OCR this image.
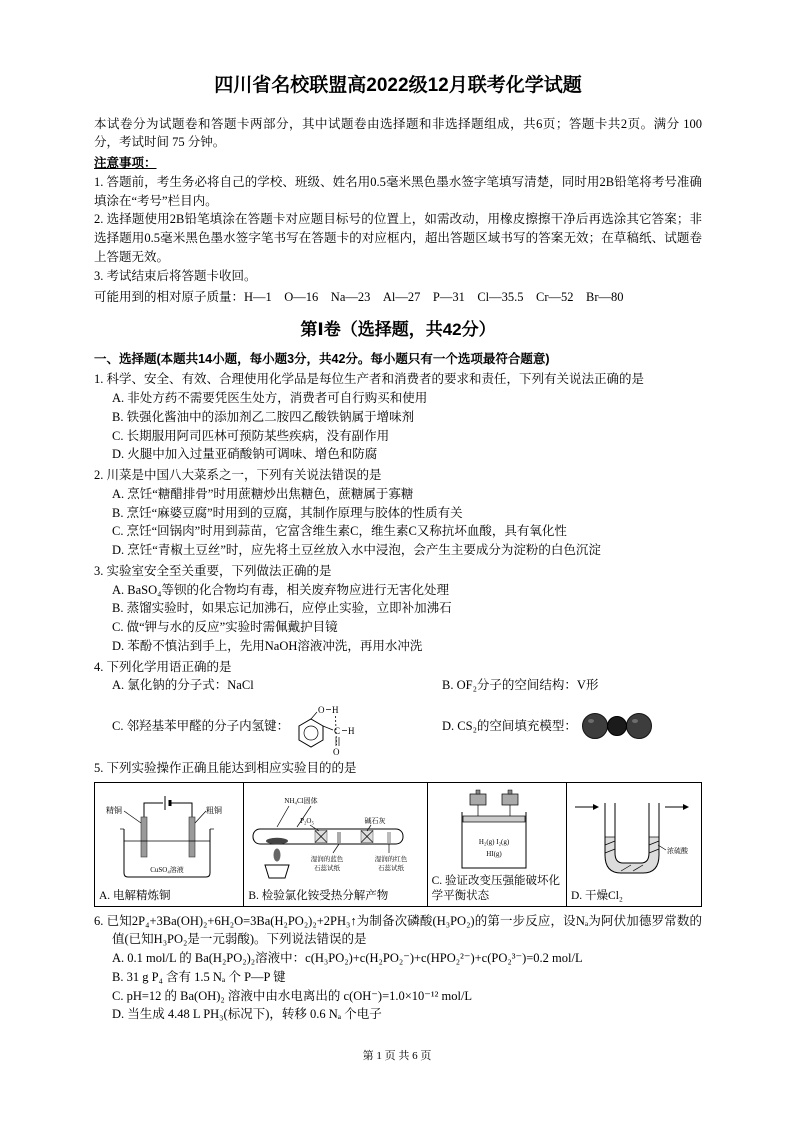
四川省名校联盟高2022级12月联考化学试题

本试卷分为试题卷和答题卡两部分，其中试题卷由选择题和非选择题组成，共6页；答题卡共2页。满分 100 分，考试时间 75 分钟。

注意事项：

1. 答题前，考生务必将自己的学校、班级、姓名用0.5毫米黑色墨水签字笔填写清楚，同时用2B铅笔将考号准确填涂在“考号”栏目内。

2. 选择题使用2B铅笔填涂在答题卡对应题目标号的位置上，如需改动，用橡皮擦擦干净后再选涂其它答案；非选择题用0.5毫米黑色墨水签字笔书写在答题卡的对应框内，超出答题区域书写的答案无效；在草稿纸、试题卷上答题无效。

3. 考试结束后将答题卡收回。

可能用到的相对原子质量：H—1　O—16　Na—23　Al—27　P—31　Cl—35.5　Cr—52　Br—80

第Ⅰ卷（选择题，共42分）

一、选择题(本题共14小题，每小题3分，共42分。每小题只有一个选项最符合题意)

1. 科学、安全、有效、合理使用化学品是每位生产者和消费者的要求和责任，下列有关说法正确的是

A. 非处方药不需要凭医生处方，消费者可自行购买和使用

B. 铁强化酱油中的添加剂乙二胺四乙酸铁钠属于增味剂

C. 长期服用阿司匹林可预防某些疾病，没有副作用

D. 火腿中加入过量亚硝酸钠可调味、增色和防腐

2. 川菜是中国八大菜系之一，下列有关说法错误的是

A. 烹饪“糖醋排骨”时用蔗糖炒出焦糖色，蔗糖属于寡糖

B. 烹饪“麻婆豆腐”时用到的豆腐，其制作原理与胶体的性质有关

C. 烹饪“回锅肉”时用到蒜苗，它富含维生素C，维生素C又称抗坏血酸，具有氧化性

D. 烹饪“青椒土豆丝”时，应先将土豆丝放入水中浸泡，会产生主要成分为淀粉的白色沉淀

3. 实验室安全至关重要，下列做法正确的是

A. BaSO₄等钡的化合物均有毒，相关废弃物应进行无害化处理

B. 蒸馏实验时，如果忘记加沸石，应停止实验，立即补加沸石

C. 做“钾与水的反应”实验时需佩戴护目镜

D. 苯酚不慎沾到手上，先用NaOH溶液冲洗，再用水冲洗

4. 下列化学用语正确的是

A. 氯化钠的分子式：NaCl	B. OF₂分子的空间结构：V形

C. 邻羟基苯甲醛的分子内氢键：
O H
C
O
H	D. CS₂的空间填充模型：

5. 下列实验操作正确且能达到相应实验目的的是

精铜	粗铜
CuSO₄溶液
A. 电解精炼铜
NH₄Cl固体
P₂O₅	碱石灰
湿润的蓝色
石蕊试纸
湿润的红色
石蕊试纸
B. 检验氯化铵受热分解产物
H₂(g) I₂(g)
HI(g)
C. 验证改变压强能破坏化学平衡状态
浓硫酸
D. 干燥Cl₂

6. 已知2P₄+3Ba(OH)₂+6H₂O=3Ba(H₂PO₂)₂+2PH₃↑为制备次磷酸(H₃PO₂)的第一步反应，设Nₐ为阿伏加德罗常数的值(已知H₃PO₂是一元弱酸)。下列说法错误的是

A. 0.1 mol/L 的 Ba(H₂PO₂)₂溶液中：c(H₃PO₂)+c(H₂PO₂⁻)+c(HPO₂²⁻)+c(PO₂³⁻)=0.2 mol/L

B. 31 g P₄ 含有 1.5 Nₐ 个 P—P 键

C. pH=12 的 Ba(OH)₂ 溶液中由水电离出的 c(OH⁻)=1.0×10⁻¹² mol/L

D. 当生成 4.48 L PH₃(标况下)，转移 0.6 Nₐ 个电子

第 1 页 共 6 页
